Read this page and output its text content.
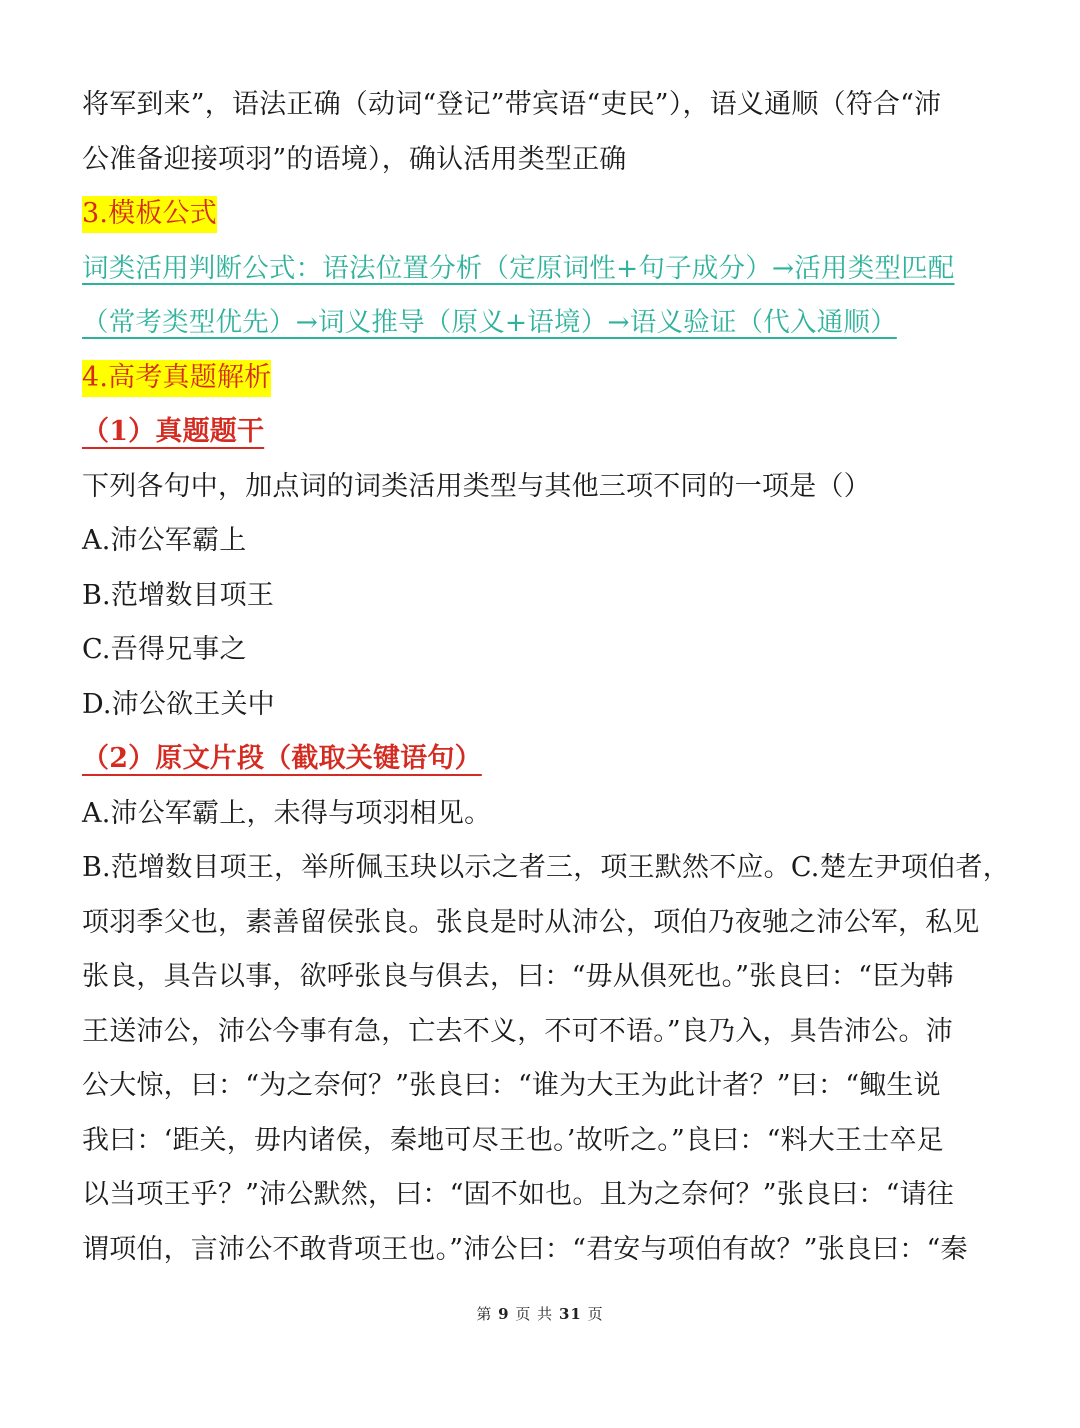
将军到来”，语法正确（动词“登记”带宾语“吏民”），语义通顺（符合“沛
公准备迎接项羽”的语境），确认活用类型正确
3.模板公式
词类活用判断公式：语法位置分析（定原词性+句子成分）→活用类型匹配
（常考类型优先）→词义推导（原义+语境）→语义验证（代入通顺）
4.高考真题解析
（1）真题题干
下列各句中，加点词的词类活用类型与其他三项不同的一项是（）
A.沛公军霸上
B.范增数目项王
C.吾得兄事之
D.沛公欲王关中
（2）原文片段（截取关键语句）
A.沛公军霸上，未得与项羽相见。
B.范增数目项王，举所佩玉玦以示之者三，项王默然不应。C.楚左尹项伯者，
项羽季父也，素善留侯张良。张良是时从沛公，项伯乃夜驰之沛公军，私见
张良，具告以事，欲呼张良与俱去，曰：“毋从俱死也。”张良曰：“臣为韩
王送沛公，沛公今事有急，亡去不义，不可不语。”良乃入，具告沛公。沛
公大惊，曰：“为之奈何？”张良曰：“谁为大王为此计者？”曰：“鲰生说
我曰：‘距关，毋内诸侯，秦地可尽王也。’故听之。”良曰：“料大王士卒足
以当项王乎？”沛公默然，曰：“固不如也。且为之奈何？”张良曰：“请往
谓项伯，言沛公不敢背项王也。”沛公曰：“君安与项伯有故？”张良曰：“秦
第 9 页 共 31 页
